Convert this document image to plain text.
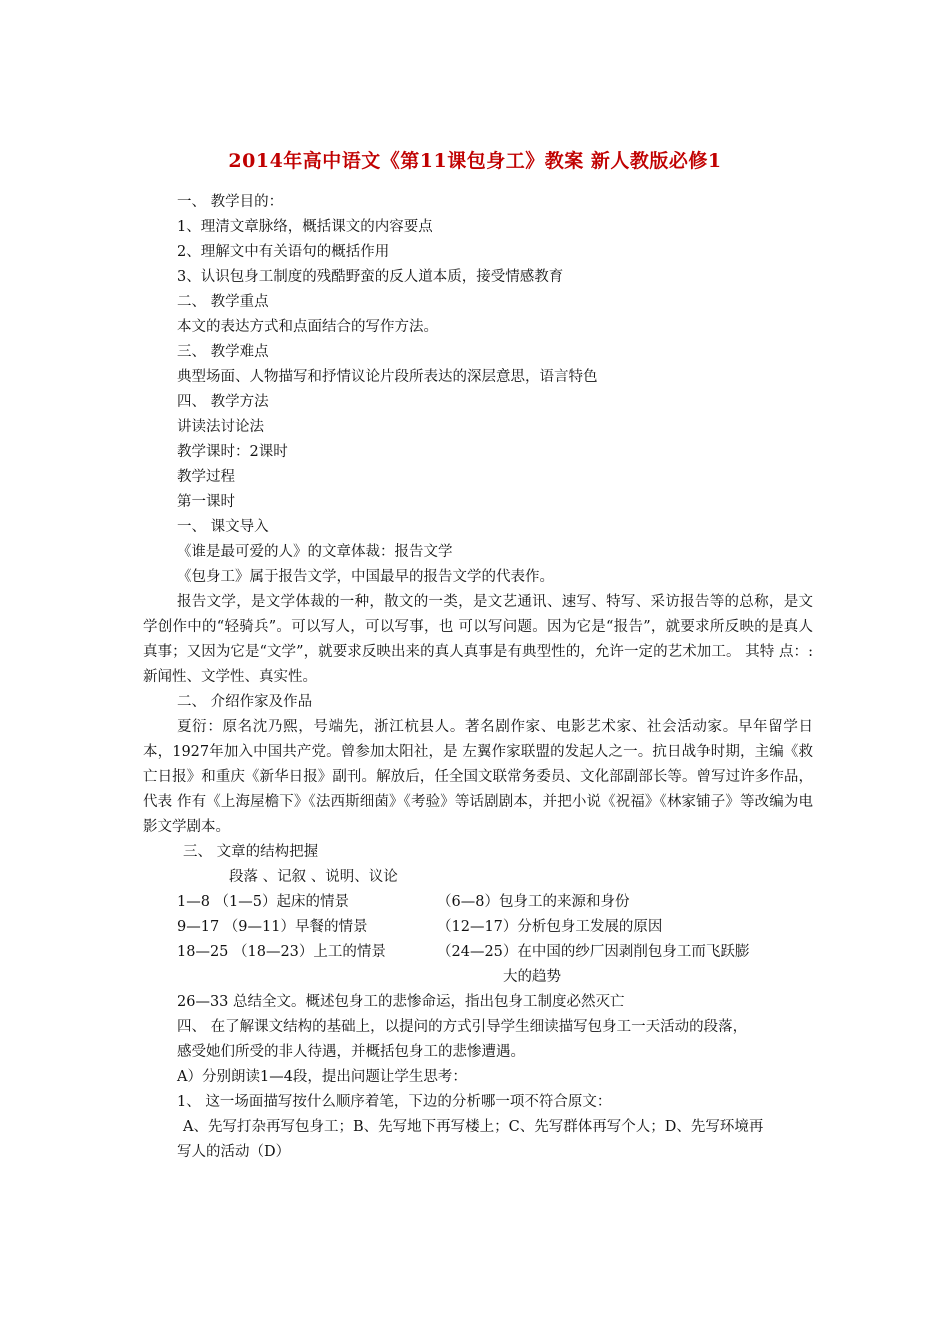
2014年高中语文《第11课包身工》教案 新人教版必修1
一、 教学目的：
1、理清文章脉络，概括课文的内容要点
2、理解文中有关语句的概括作用
3、认识包身工制度的残酷野蛮的反人道本质，接受情感教育
二、 教学重点
本文的表达方式和点面结合的写作方法。
三、 教学难点
典型场面、人物描写和抒情议论片段所表达的深层意思，语言特色
四、 教学方法
讲读法讨论法
教学课时：2课时
教学过程
第一课时
一、 课文导入
《谁是最可爱的人》的文章体裁：报告文学
《包身工》属于报告文学，中国最早的报告文学的代表作。
报告文学，是文学体裁的一种，散文的一类，是文艺通讯、速写、特写、采访报告等的总称，是文学创作中的“轻骑兵”。可以写人，可以写事，也 可以写问题。因为它是“报告”，就要求所反映的是真人真事；又因为它是“文学”，就要求反映出来的真人真事是有典型性的，允许一定的艺术加工。 其特 点：:新闻性、文学性、真实性。
二、 介绍作家及作品
夏衍：原名沈乃熙，号端先，浙江杭县人。著名剧作家、电影艺术家、社会活动家。早年留学日本，1927年加入中国共产党。曾参加太阳社，是 左翼作家联盟的发起人之一。抗日战争时期，主编《救亡日报》和重庆《新华日报》副刊。解放后，任全国文联常务委员、文化部副部长等。曾写过许多作品，代表 作有《上海屋檐下》《法西斯细菌》《考验》等话剧剧本，并把小说《祝福》《林家铺子》等改编为电影文学剧本。
三、 文章的结构把握
段落 、记叙 、说明、议论
1—8 （1—5）起床的情景	（6—8）包身工的来源和身份
9—17 （9—11）早餐的情景	（12—17）分析包身工发展的原因
18—25 （18—23）上工的情景	（24—25）在中国的纱厂因剥削包身工而飞跃膨
大的趋势
26—33 总结全文。概述包身工的悲惨命运，指出包身工制度必然灭亡
四、 在了解课文结构的基础上，以提问的方式引导学生细读描写包身工一天活动的段落，
感受她们所受的非人待遇，并概括包身工的悲惨遭遇。
A）分别朗读1—4段，提出问题让学生思考：
1、 这一场面描写按什么顺序着笔，下边的分析哪一项不符合原文：
A、先写打杂再写包身工；B、先写地下再写楼上；C、先写群体再写个人；D、先写环境再
写人的活动（D）
